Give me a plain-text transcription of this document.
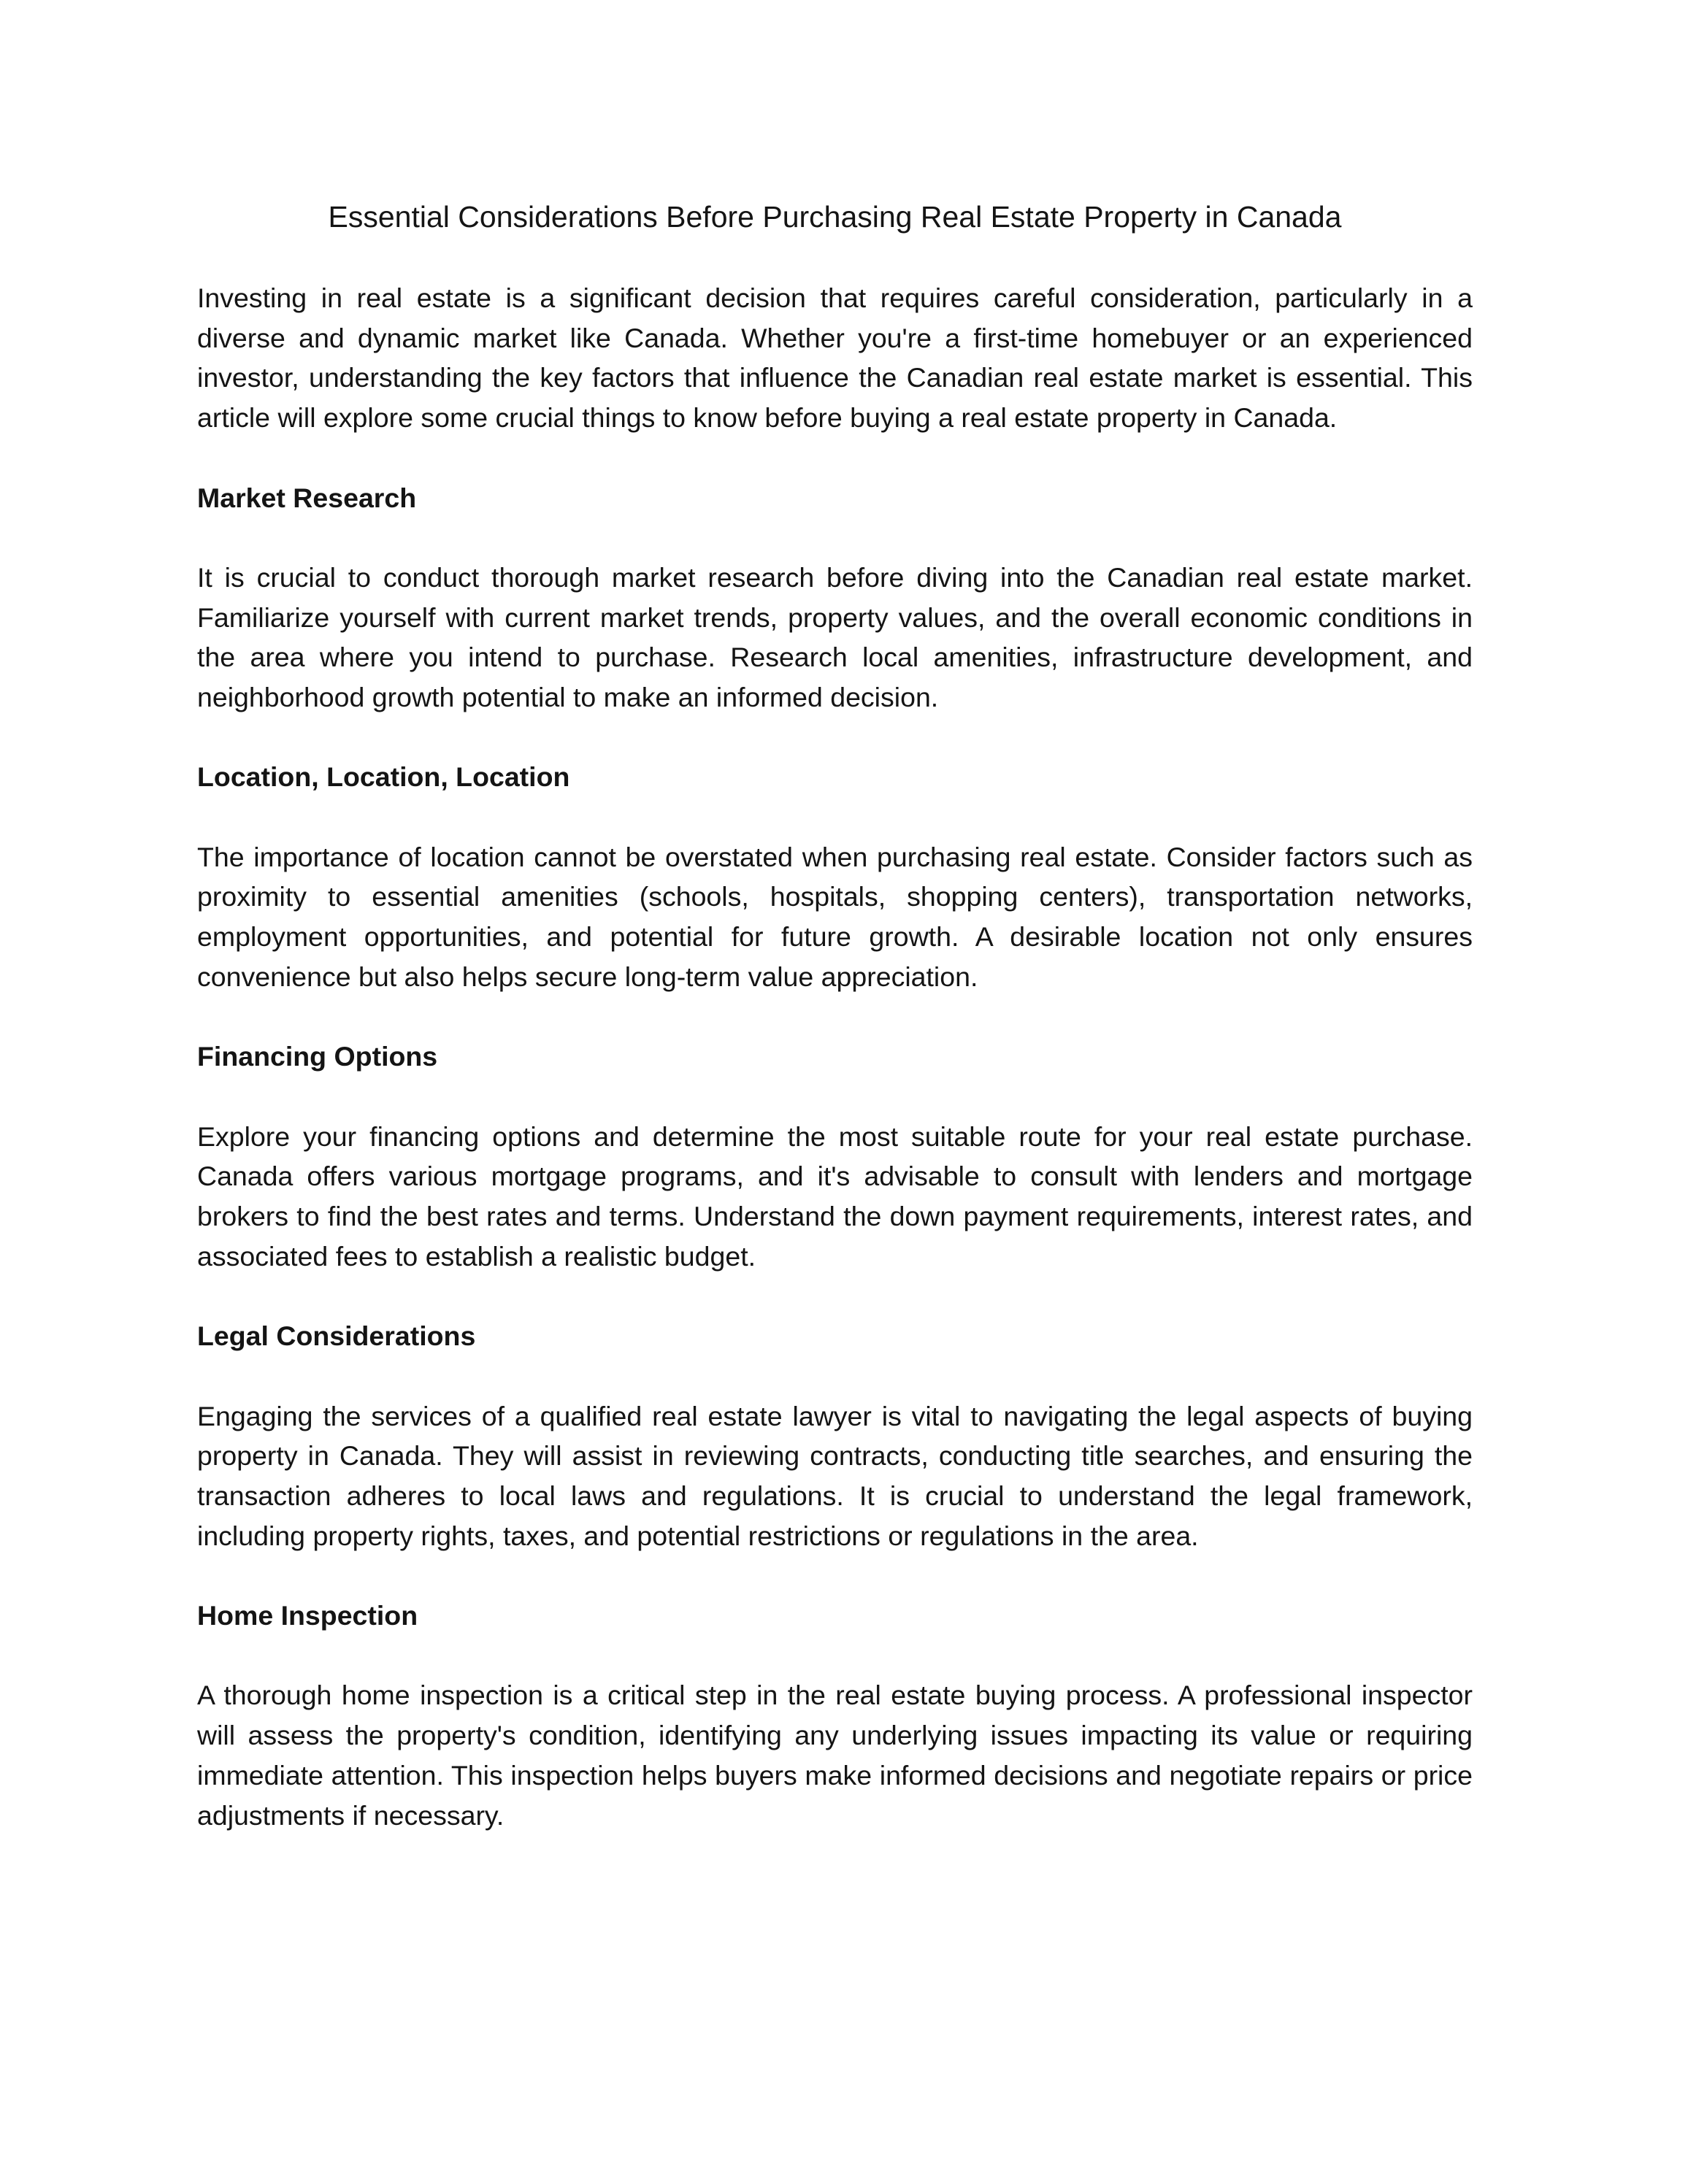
Essential Considerations Before Purchasing Real Estate Property in Canada

Investing in real estate is a significant decision that requires careful consideration, particularly in a diverse and dynamic market like Canada. Whether you're a first-time homebuyer or an experienced investor, understanding the key factors that influence the Canadian real estate market is essential. This article will explore some crucial things to know before buying a real estate property in Canada.

Market Research

It is crucial to conduct thorough market research before diving into the Canadian real estate market. Familiarize yourself with current market trends, property values, and the overall economic conditions in the area where you intend to purchase. Research local amenities, infrastructure development, and neighborhood growth potential to make an informed decision.

Location, Location, Location

The importance of location cannot be overstated when purchasing real estate. Consider factors such as proximity to essential amenities (schools, hospitals, shopping centers), transportation networks, employment opportunities, and potential for future growth. A desirable location not only ensures convenience but also helps secure long-term value appreciation.

Financing Options

Explore your financing options and determine the most suitable route for your real estate purchase. Canada offers various mortgage programs, and it's advisable to consult with lenders and mortgage brokers to find the best rates and terms. Understand the down payment requirements, interest rates, and associated fees to establish a realistic budget.

Legal Considerations

Engaging the services of a qualified real estate lawyer is vital to navigating the legal aspects of buying property in Canada. They will assist in reviewing contracts, conducting title searches, and ensuring the transaction adheres to local laws and regulations. It is crucial to understand the legal framework, including property rights, taxes, and potential restrictions or regulations in the area.

Home Inspection

A thorough home inspection is a critical step in the real estate buying process. A professional inspector will assess the property's condition, identifying any underlying issues impacting its value or requiring immediate attention. This inspection helps buyers make informed decisions and negotiate repairs or price adjustments if necessary.
